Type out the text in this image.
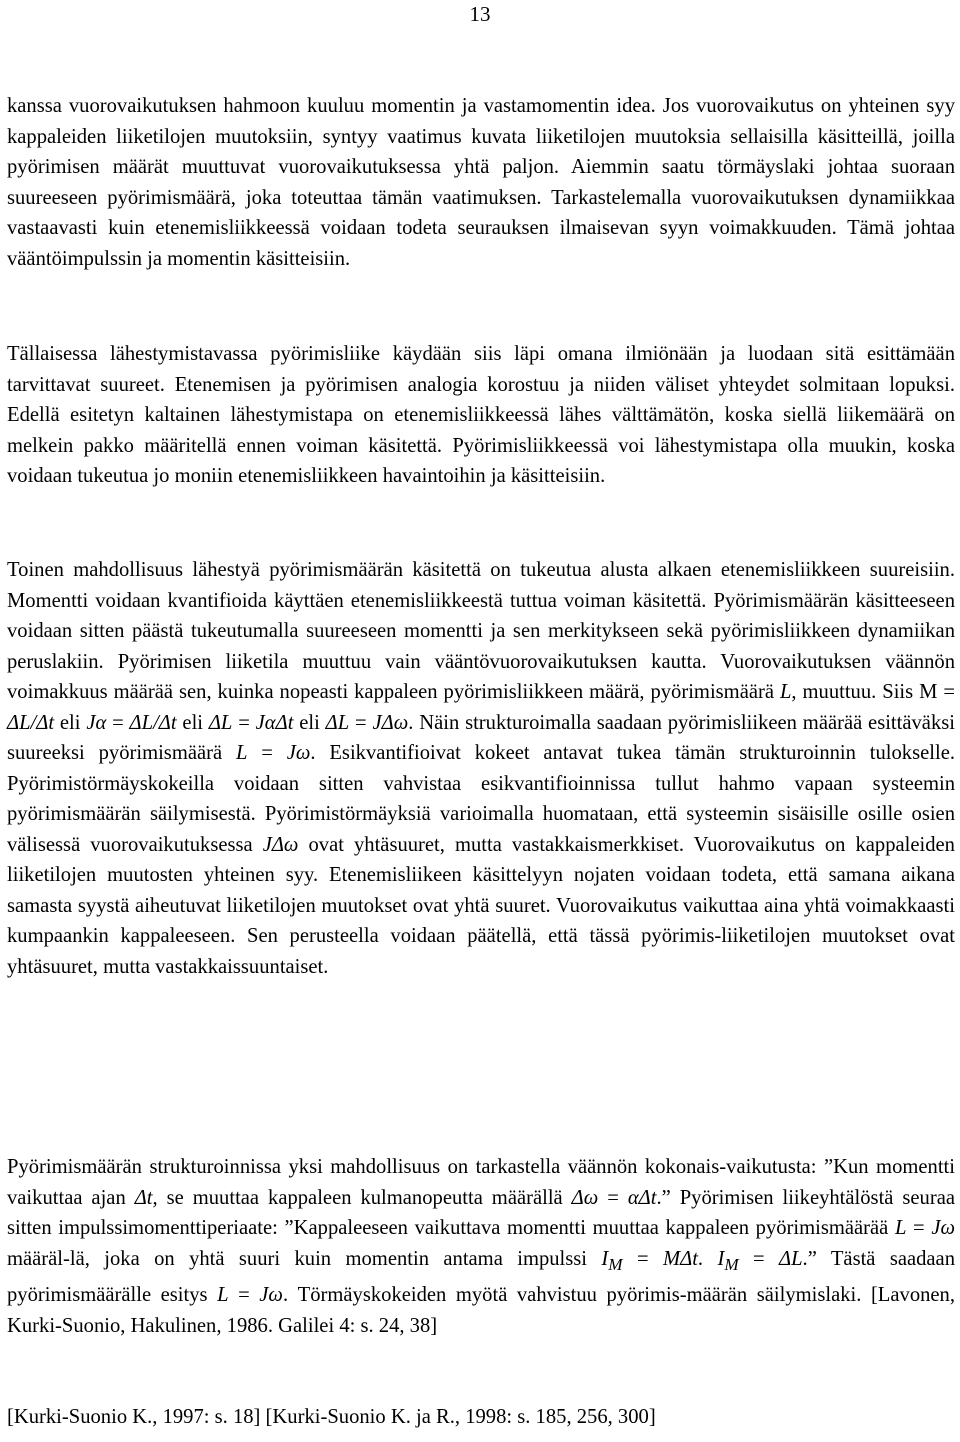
13

kanssa vuorovaikutuksen hahmoon kuuluu momentin ja vastamomentin idea. Jos vuorovaikutus on yhteinen syy kappaleiden liiketilojen muutoksiin, syntyy vaatimus kuvata liiketilojen muutoksia sellaisilla käsitteillä, joilla pyörimisen määrät muuttuvat vuorovaikutuksessa yhtä paljon. Aiemmin saatu törmäyslaki johtaa suoraan suureeseen pyörimismäärä, joka toteuttaa tämän vaatimuksen. Tarkastelemalla vuorovaikutuksen dynamiikkaa vastaavasti kuin etenemisliikkeessä voidaan todeta seurauksen ilmaisevan syyn voimakkuuden. Tämä johtaa vääntöimpulssin ja momentin käsitteisiin.

Tällaisessa lähestymistavassa pyörimisliike käydään siis läpi omana ilmiönään ja luodaan sitä esittämään tarvittavat suureet. Etenemisen ja pyörimisen analogia korostuu ja niiden väliset yhteydet solmitaan lopuksi. Edellä esitetyn kaltainen lähestymistapa on etenemisliikkeessä lähes välttämätön, koska siellä liikemäärä on melkein pakko määritellä ennen voiman käsitettä. Pyörimisliikkeessä voi lähestymistapa olla muukin, koska voidaan tukeutua jo moniin etenemisliikkeen havaintoihin ja käsitteisiin.

Toinen mahdollisuus lähestyä pyörimismäärän käsitettä on tukeutua alusta alkaen etenemisliikkeen suureisiin. Momentti voidaan kvantifioida käyttäen etenemisliikkeestä tuttua voiman käsitettä. Pyörimismäärän käsitteeseen voidaan sitten päästä tukeutumalla suureeseen momentti ja sen merkitykseen sekä pyörimisliikkeen dynamiikan peruslakiin. Pyörimisen liiketila muuttuu vain vääntövuorovaikutuksen kautta. Vuorovaikutuksen väännön voimakkuus määrää sen, kuinka nopeasti kappaleen pyörimisliikkeen määrä, pyörimismäärä L, muuttuu. Siis M = ΔL/Δt eli Jα = ΔL/Δt eli ΔL = JαΔt eli ΔL = JΔω. Näin strukturoimalla saadaan pyörimisliikeen määrää esittäväksi suureeksi pyörimismäärä L = Jω. Esikvantifioivat kokeet antavat tukea tämän strukturoinnin tulokselle. Pyörimistörmäyskokeilla voidaan sitten vahvistaa esikvantifioinnissa tullut hahmo vapaan systeemin pyörimismäärän säilymisestä. Pyörimistörmäyksiä varioimalla huomataan, että systeemin sisäisille osille osien välisessä vuorovaikutuksessa JΔω ovat yhtäsuuret, mutta vastakkaismerkkiset. Vuorovaikutus on kappaleiden liiketilojen muutosten yhteinen syy. Etenemisliikeen käsittelyyn nojaten voidaan todeta, että samana aikana samasta syystä aiheutuvat liiketilojen muutokset ovat yhtä suuret. Vuorovaikutus vaikuttaa aina yhtä voimakkaasti kumpaankin kappaleeseen. Sen perusteella voidaan päätellä, että tässä pyörimis-liiketilojen muutokset ovat yhtäsuuret, mutta vastakkaissuuntaiset.

Pyörimismäärän strukturoinnissa yksi mahdollisuus on tarkastella väännön kokonais-vaikutusta: ”Kun momentti vaikuttaa ajan Δt, se muuttaa kappaleen kulmanopeutta määrällä Δω = αΔt.” Pyörimisen liikeyhtälöstä seuraa sitten impulssimomenttiperiaate: ”Kappaleeseen vaikuttava momentti muuttaa kappaleen pyörimismäärää L = Jω määräl-lä, joka on yhtä suuri kuin momentin antama impulssi $I_M = M\Delta t$. $I_M = \Delta L$.” Tästä saadaan pyörimismäärälle esitys L = Jω. Törmäyskokeiden myötä vahvistuu pyörimis-määrän säilymislaki. [Lavonen, Kurki-Suonio, Hakulinen, 1986. Galilei 4: s. 24, 38]

[Kurki-Suonio K., 1997: s. 18] [Kurki-Suonio K. ja R., 1998: s. 185, 256, 300]
